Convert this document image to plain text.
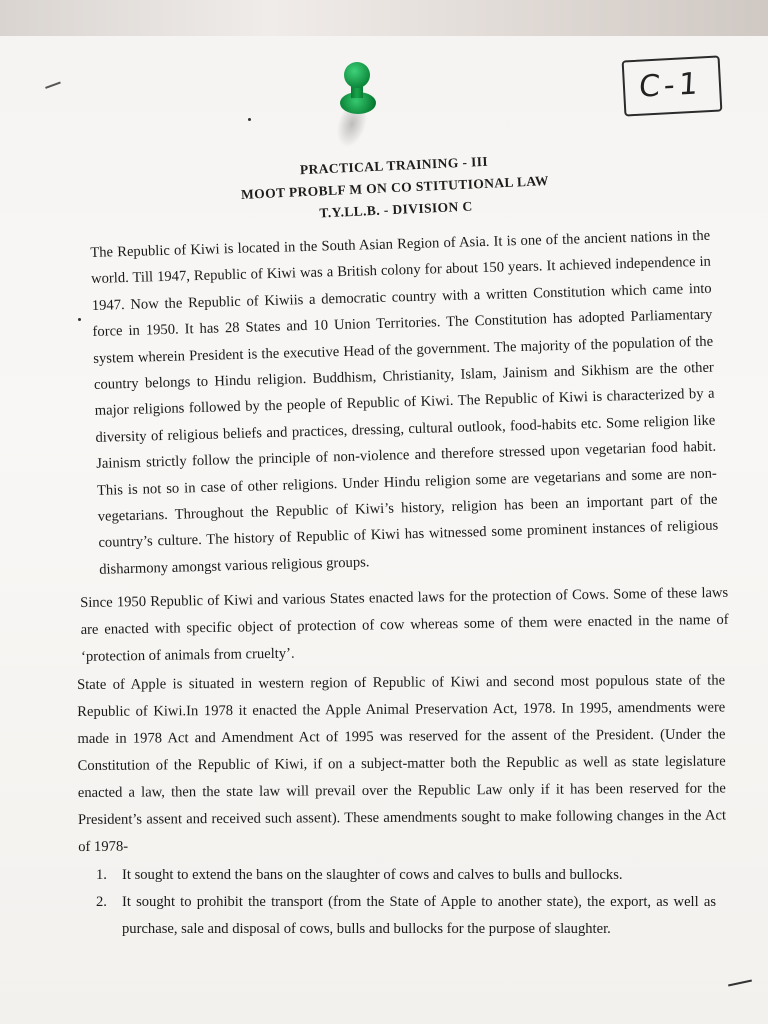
C-1
PRACTICAL TRAINING - III
MOOT PROBLF M ON CO STITUTIONAL LAW
T.Y.LL.B. - DIVISION C

The Republic of Kiwi is located in the South Asian Region of Asia. It is one of the ancient nations in the world. Till 1947, Republic of Kiwi was a British colony for about 150 years. It achieved independence in 1947. Now the Republic of Kiwiis a democratic country with a written Constitution which came into force in 1950. It has 28 States and 10 Union Territories. The Constitution has adopted Parliamentary system wherein President is the executive Head of the government. The majority of the population of the country belongs to Hindu religion. Buddhism, Christianity, Islam, Jainism and Sikhism are the other major religions followed by the people of Republic of Kiwi. The Republic of Kiwi is characterized by a diversity of religious beliefs and practices, dressing, cultural outlook, food-habits etc. Some religion like Jainism strictly follow the principle of non-violence and therefore stressed upon vegetarian food habit. This is not so in case of other religions. Under Hindu religion some are vegetarians and some are non-vegetarians. Throughout the Republic of Kiwi’s history, religion has been an important part of the country’s culture. The history of Republic of Kiwi has witnessed some prominent instances of religious disharmony amongst various religious groups.

Since 1950 Republic of Kiwi and various States enacted laws for the protection of Cows. Some of these laws are enacted with specific object of protection of cow whereas some of them were enacted in the name of ‘protection of animals from cruelty’.

State of Apple is situated in western region of Republic of Kiwi and second most populous state of the Republic of Kiwi.In 1978 it enacted the Apple Animal Preservation Act, 1978. In 1995, amendments were made in 1978 Act and Amendment Act of 1995 was reserved for the assent of the President. (Under the Constitution of the Republic of Kiwi, if on a subject-matter both the Republic as well as state legislature enacted a law, then the state law will prevail over the Republic Law only if it has been reserved for the President’s assent and received such assent). These amendments sought to make following changes in the Act of 1978-

1.	It sought to extend the bans on the slaughter of cows and calves to bulls and bullocks.
2.	It sought to prohibit the transport (from the State of Apple to another state), the export, as well as purchase, sale and disposal of cows, bulls and bullocks for the purpose of slaughter.
